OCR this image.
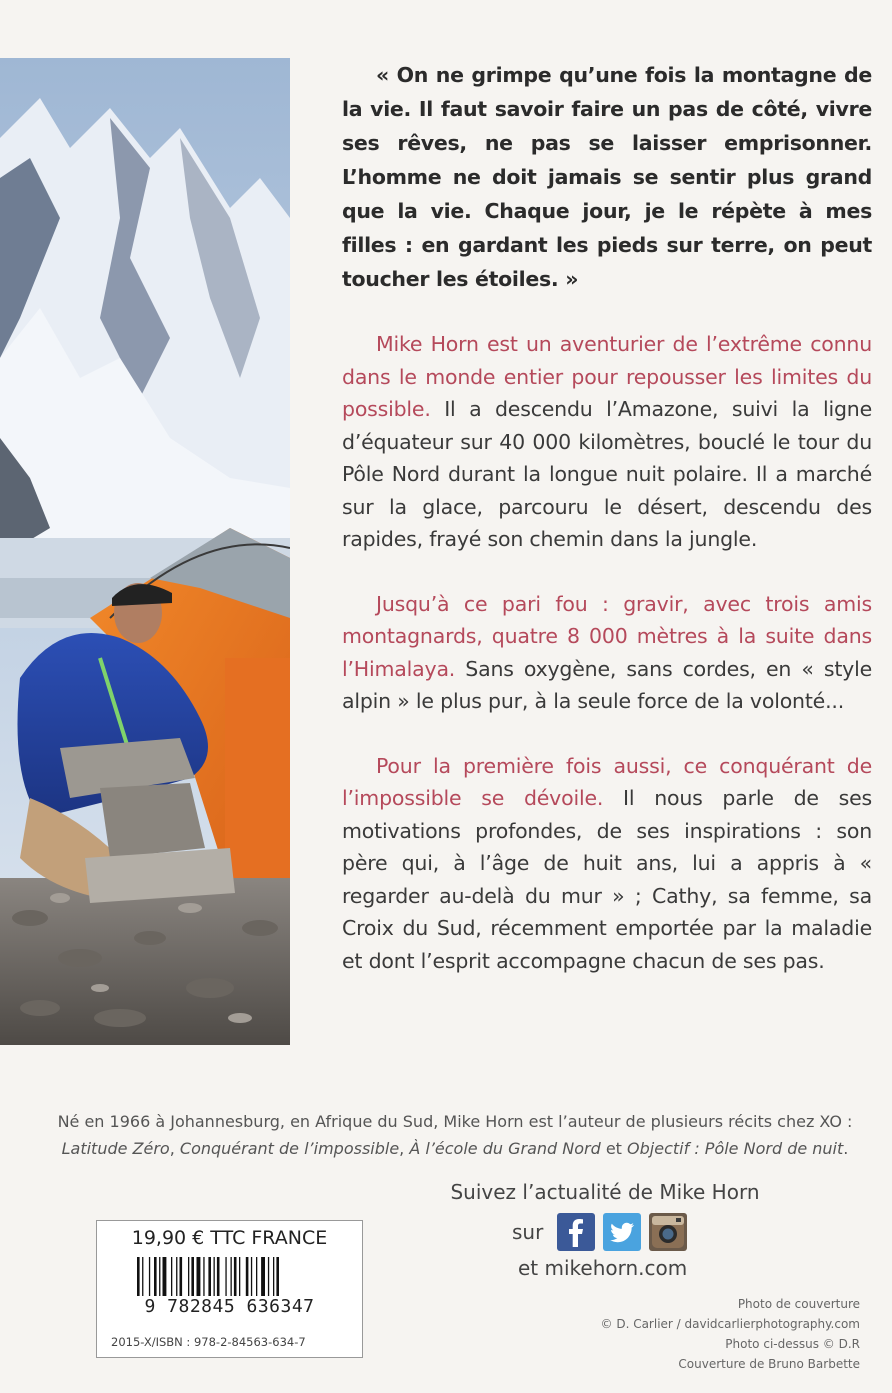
« On ne grimpe qu’une fois la montagne de la vie. Il faut savoir faire un pas de côté, vivre ses rêves, ne pas se laisser emprisonner. L’homme ne doit jamais se sentir plus grand que la vie. Chaque jour, je le répète à mes filles : en gardant les pieds sur terre, on peut toucher les étoiles. »

Mike Horn est un aventurier de l’extrême connu dans le monde entier pour repousser les limites du possible. Il a descendu l’Amazone, suivi la ligne d’équateur sur 40 000 kilomètres, bouclé le tour du Pôle Nord durant la longue nuit polaire. Il a marché sur la glace, parcouru le désert, descendu des rapides, frayé son chemin dans la jungle.

Jusqu’à ce pari fou : gravir, avec trois amis montagnards, quatre 8 000 mètres à la suite dans l’Himalaya. Sans oxygène, sans cordes, en « style alpin » le plus pur, à la seule force de la volonté...

Pour la première fois aussi, ce conquérant de l’impossible se dévoile. Il nous parle de ses motivations profondes, de ses inspirations : son père qui, à l’âge de huit ans, lui a appris à « regarder au-delà du mur » ; Cathy, sa femme, sa Croix du Sud, récemment emportée par la maladie et dont l’esprit accompagne chacun de ses pas.

Né en 1966 à Johannesburg, en Afrique du Sud, Mike Horn est l’auteur de plusieurs récits chez XO :
Latitude Zéro, Conquérant de l’impossible, À l’école du Grand Nord et Objectif : Pôle Nord de nuit.
Suivez l’actualité de Mike Horn
sur
et mikehorn.com
19,90 € TTC FRANCE
9 782845 636347
2015-X/ISBN : 978-2-84563-634-7
Photo de couverture
© D. Carlier / davidcarlierphotography.com
Photo ci-dessus © D.R
Couverture de Bruno Barbette
